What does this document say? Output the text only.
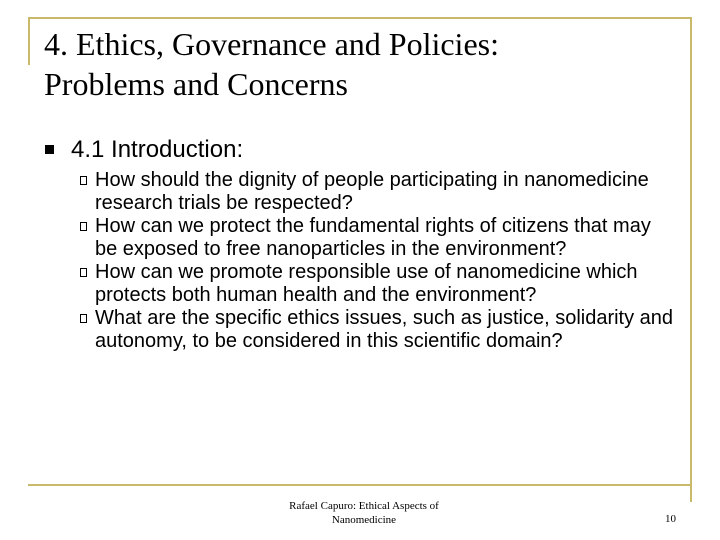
4. Ethics, Governance and Policies:
Problems and Concerns
4.1 Introduction:
How should the dignity of people participating in nanomedicine research trials be respected?
How can we protect the fundamental rights of citizens that may be exposed to free nanoparticles in the environment?
How can we promote responsible use of nanomedicine which protects both human health and the environment?
What are the specific ethics issues, such as justice, solidarity and autonomy, to be considered in this scientific domain?
Rafael Capuro: Ethical Aspects of
Nanomedicine	10
